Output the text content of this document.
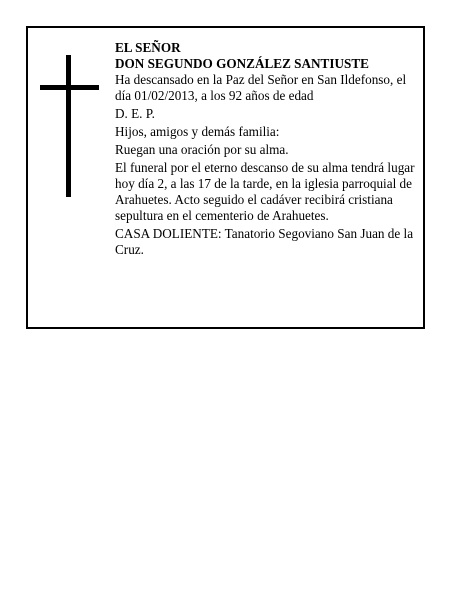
EL SEÑOR

DON SEGUNDO GONZÁLEZ SANTIUSTE

Ha descansado en la Paz del Señor en San Ildefonso, el día 01/02/2013, a los 92 años de edad

D. E. P.

Hijos, amigos y demás familia:

Ruegan una oración por su alma.

El funeral por el eterno descanso de su alma tendrá lugar hoy día 2, a las 17 de la tarde, en la iglesia parroquial de Arahuetes. Acto seguido el cadáver recibirá cristiana sepultura en el cementerio de Arahuetes.

CASA DOLIENTE: Tanatorio Segoviano San Juan de la Cruz.
